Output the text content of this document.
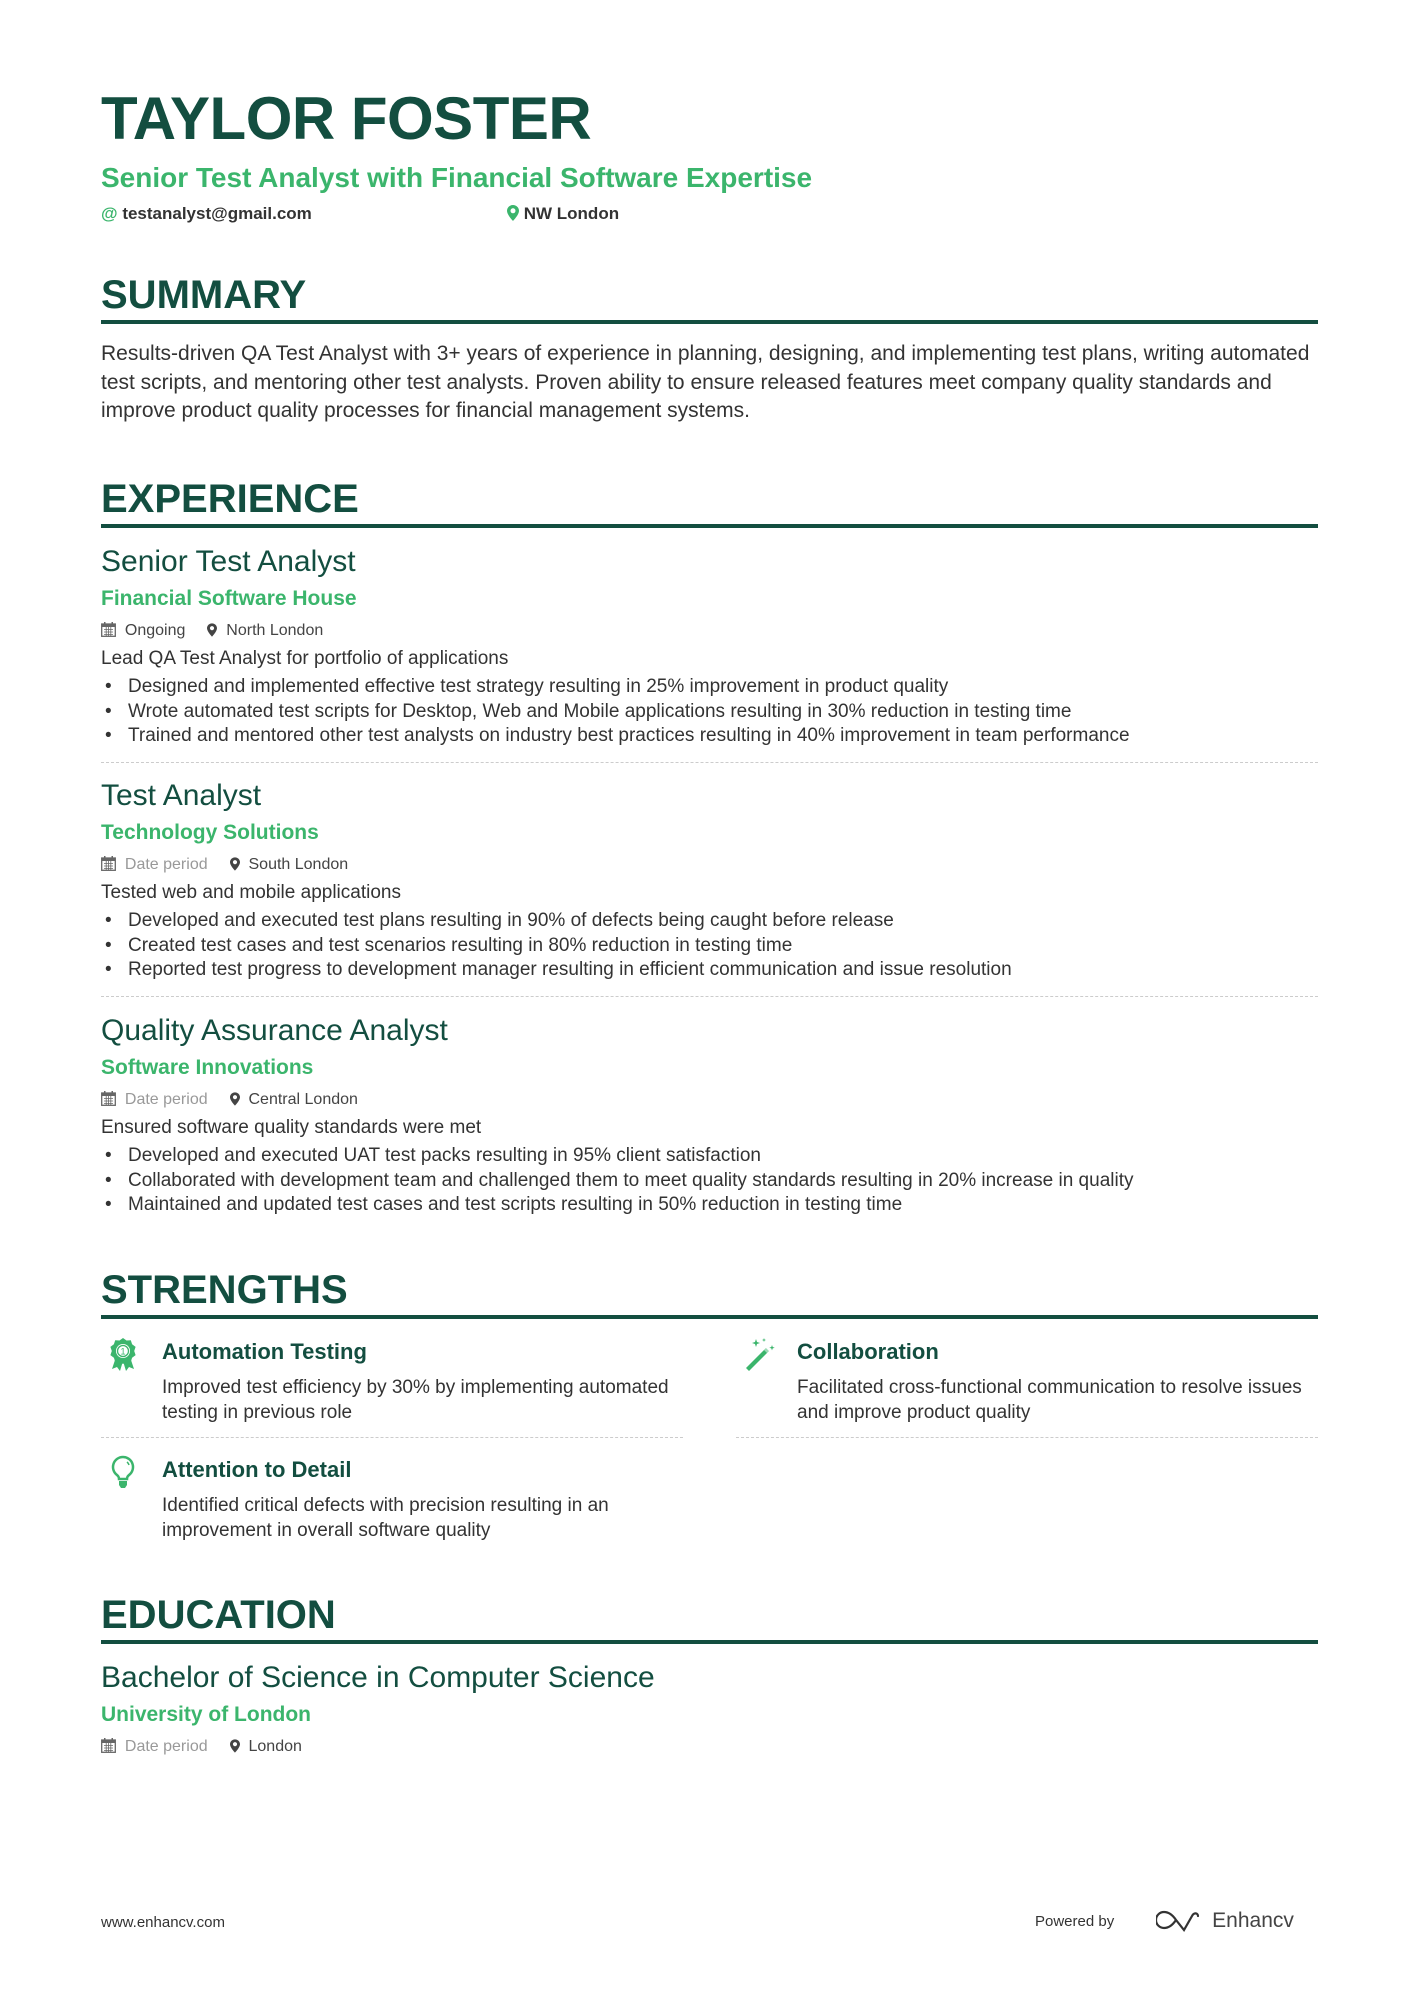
TAYLOR FOSTER
Senior Test Analyst with Financial Software Expertise
@ testanalyst@gmail.com	NW London
SUMMARY
Results-driven QA Test Analyst with 3+ years of experience in planning, designing, and implementing test plans, writing automated test scripts, and mentoring other test analysts. Proven ability to ensure released features meet company quality standards and improve product quality processes for financial management systems.
EXPERIENCE
Senior Test Analyst
Financial Software House
Ongoing	North London
Lead QA Test Analyst for portfolio of applications
• Designed and implemented effective test strategy resulting in 25% improvement in product quality
• Wrote automated test scripts for Desktop, Web and Mobile applications resulting in 30% reduction in testing time
• Trained and mentored other test analysts on industry best practices resulting in 40% improvement in team performance
Test Analyst
Technology Solutions
Date period	South London
Tested web and mobile applications
• Developed and executed test plans resulting in 90% of defects being caught before release
• Created test cases and test scenarios resulting in 80% reduction in testing time
• Reported test progress to development manager resulting in efficient communication and issue resolution
Quality Assurance Analyst
Software Innovations
Date period	Central London
Ensured software quality standards were met
• Developed and executed UAT test packs resulting in 95% client satisfaction
• Collaborated with development team and challenged them to meet quality standards resulting in 20% increase in quality
• Maintained and updated test cases and test scripts resulting in 50% reduction in testing time
STRENGTHS
1 Automation Testing
Improved test efficiency by 30% by implementing automated testing in previous role
Collaboration
Facilitated cross-functional communication to resolve issues and improve product quality
Attention to Detail
Identified critical defects with precision resulting in an improvement in overall software quality
EDUCATION
Bachelor of Science in Computer Science
University of London
Date period	London
www.enhancv.com	Powered by	Enhancv
